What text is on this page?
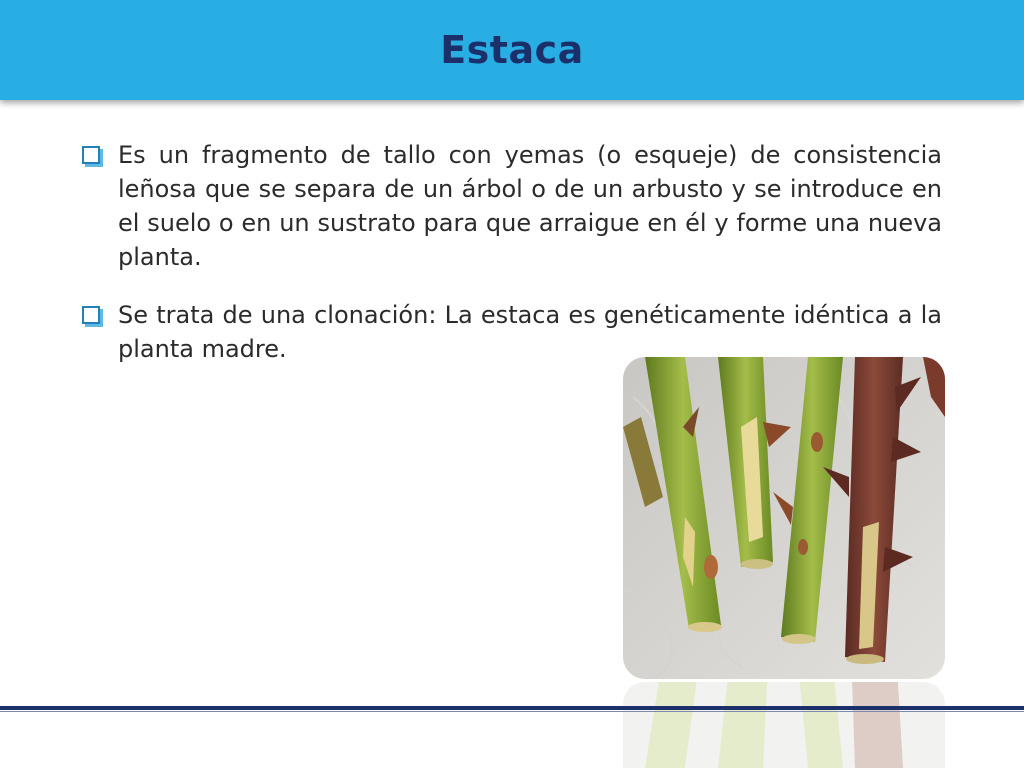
Estaca
Es un fragmento de tallo con yemas (o esqueje) de consistencia leñosa que se separa de un árbol o de un arbusto y se introduce en el suelo o en un sustrato para que arraigue en él y forme una nueva planta.
Se trata de una clonación: La estaca es genéticamente idéntica a la planta madre.
